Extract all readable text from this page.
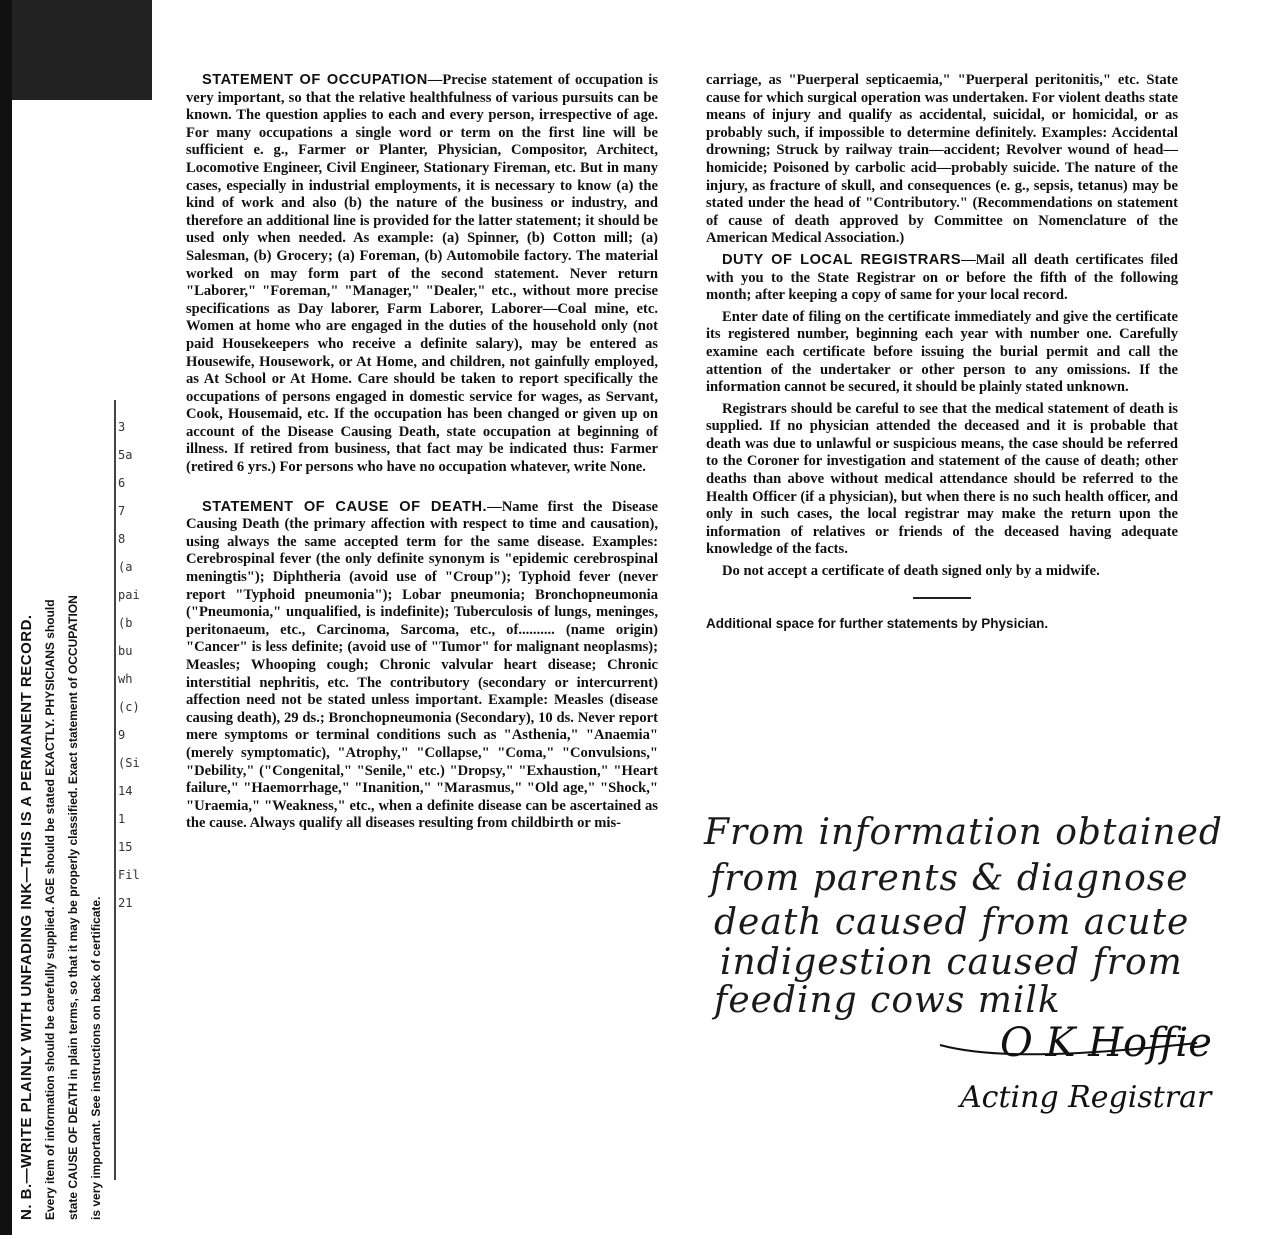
N. B.—WRITE PLAINLY WITH UNFADING INK—THIS IS A PERMANENT RECORD. Every item of information should be carefully supplied. AGE should be stated EXACTLY. PHYSICIANS should state CAUSE OF DEATH in plain terms, so that it may be properly classified. Exact statement of OCCUPATION is very important. See instructions on back of certificate.
3
5a
6
7
8
(a
pai
(b
bu
wh
(c)
9
(Si
14
1
15
Fil
21

STATEMENT OF OCCUPATION—Precise statement of occupation is very important, so that the relative healthfulness of various pursuits can be known. The question applies to each and every person, irrespective of age. For many occupations a single word or term on the first line will be sufficient e. g., Farmer or Planter, Physician, Compositor, Architect, Locomotive Engineer, Civil Engineer, Stationary Fireman, etc. But in many cases, especially in industrial employments, it is necessary to know (a) the kind of work and also (b) the nature of the business or industry, and therefore an additional line is provided for the latter statement; it should be used only when needed. As example: (a) Spinner, (b) Cotton mill; (a) Salesman, (b) Grocery; (a) Foreman, (b) Automobile factory. The material worked on may form part of the second statement. Never return "Laborer," "Foreman," "Manager," "Dealer," etc., without more precise specifications as Day laborer, Farm Laborer, Laborer—Coal mine, etc. Women at home who are engaged in the duties of the household only (not paid Housekeepers who receive a definite salary), may be entered as Housewife, Housework, or At Home, and children, not gainfully employed, as At School or At Home. Care should be taken to report specifically the occupations of persons engaged in domestic service for wages, as Servant, Cook, Housemaid, etc. If the occupation has been changed or given up on account of the Disease Causing Death, state occupation at beginning of illness. If retired from business, that fact may be indicated thus: Farmer (retired 6 yrs.) For persons who have no occupation whatever, write None.

STATEMENT OF CAUSE OF DEATH.—Name first the Disease Causing Death (the primary affection with respect to time and causation), using always the same accepted term for the same disease. Examples: Cerebrospinal fever (the only definite synonym is "epidemic cerebrospinal meningtis"); Diphtheria (avoid use of "Croup"); Typhoid fever (never report "Typhoid pneumonia"); Lobar pneumonia; Bronchopneumonia ("Pneumonia," unqualified, is indefinite); Tuberculosis of lungs, meninges, peritonaeum, etc., Carcinoma, Sarcoma, etc., of.......... (name origin) "Cancer" is less definite; (avoid use of "Tumor" for malignant neoplasms); Measles; Whooping cough; Chronic valvular heart disease; Chronic interstitial nephritis, etc. The contributory (secondary or intercurrent) affection need not be stated unless important. Example: Measles (disease causing death), 29 ds.; Bronchopneumonia (Secondary), 10 ds. Never report mere symptoms or terminal conditions such as "Asthenia," "Anaemia" (merely symptomatic), "Atrophy," "Collapse," "Coma," "Convulsions," "Debility," ("Congenital," "Senile," etc.) "Dropsy," "Exhaustion," "Heart failure," "Haemorrhage," "Inanition," "Marasmus," "Old age," "Shock," "Uraemia," "Weakness," etc., when a definite disease can be ascertained as the cause. Always qualify all diseases resulting from childbirth or mis-

carriage, as "Puerperal septicaemia," "Puerperal peritonitis," etc. State cause for which surgical operation was undertaken. For violent deaths state means of injury and qualify as accidental, suicidal, or homicidal, or as probably such, if impossible to determine definitely. Examples: Accidental drowning; Struck by railway train—accident; Revolver wound of head—homicide; Poisoned by carbolic acid—probably suicide. The nature of the injury, as fracture of skull, and consequences (e. g., sepsis, tetanus) may be stated under the head of "Contributory." (Recommendations on statement of cause of death approved by Committee on Nomenclature of the American Medical Association.)

DUTY OF LOCAL REGISTRARS—Mail all death certificates filed with you to the State Registrar on or before the fifth of the following month; after keeping a copy of same for your local record.

Enter date of filing on the certificate immediately and give the certificate its registered number, beginning each year with number one. Carefully examine each certificate before issuing the burial permit and call the attention of the undertaker or other person to any omissions. If the information cannot be secured, it should be plainly stated unknown.

Registrars should be careful to see that the medical statement of death is supplied. If no physician attended the deceased and it is probable that death was due to unlawful or suspicious means, the case should be referred to the Coroner for investigation and statement of the cause of death; other deaths than above without medical attendance should be referred to the Health Officer (if a physician), but when there is no such health officer, and only in such cases, the local registrar may make the return upon the information of relatives or friends of the deceased having adequate knowledge of the facts.

Do not accept a certificate of death signed only by a midwife.

Additional space for further statements by Physician.

From information obtained
from parents & diagnose
death caused from acute
indigestion caused from
feeding cows milk
O K Hoffie
Acting Registrar
